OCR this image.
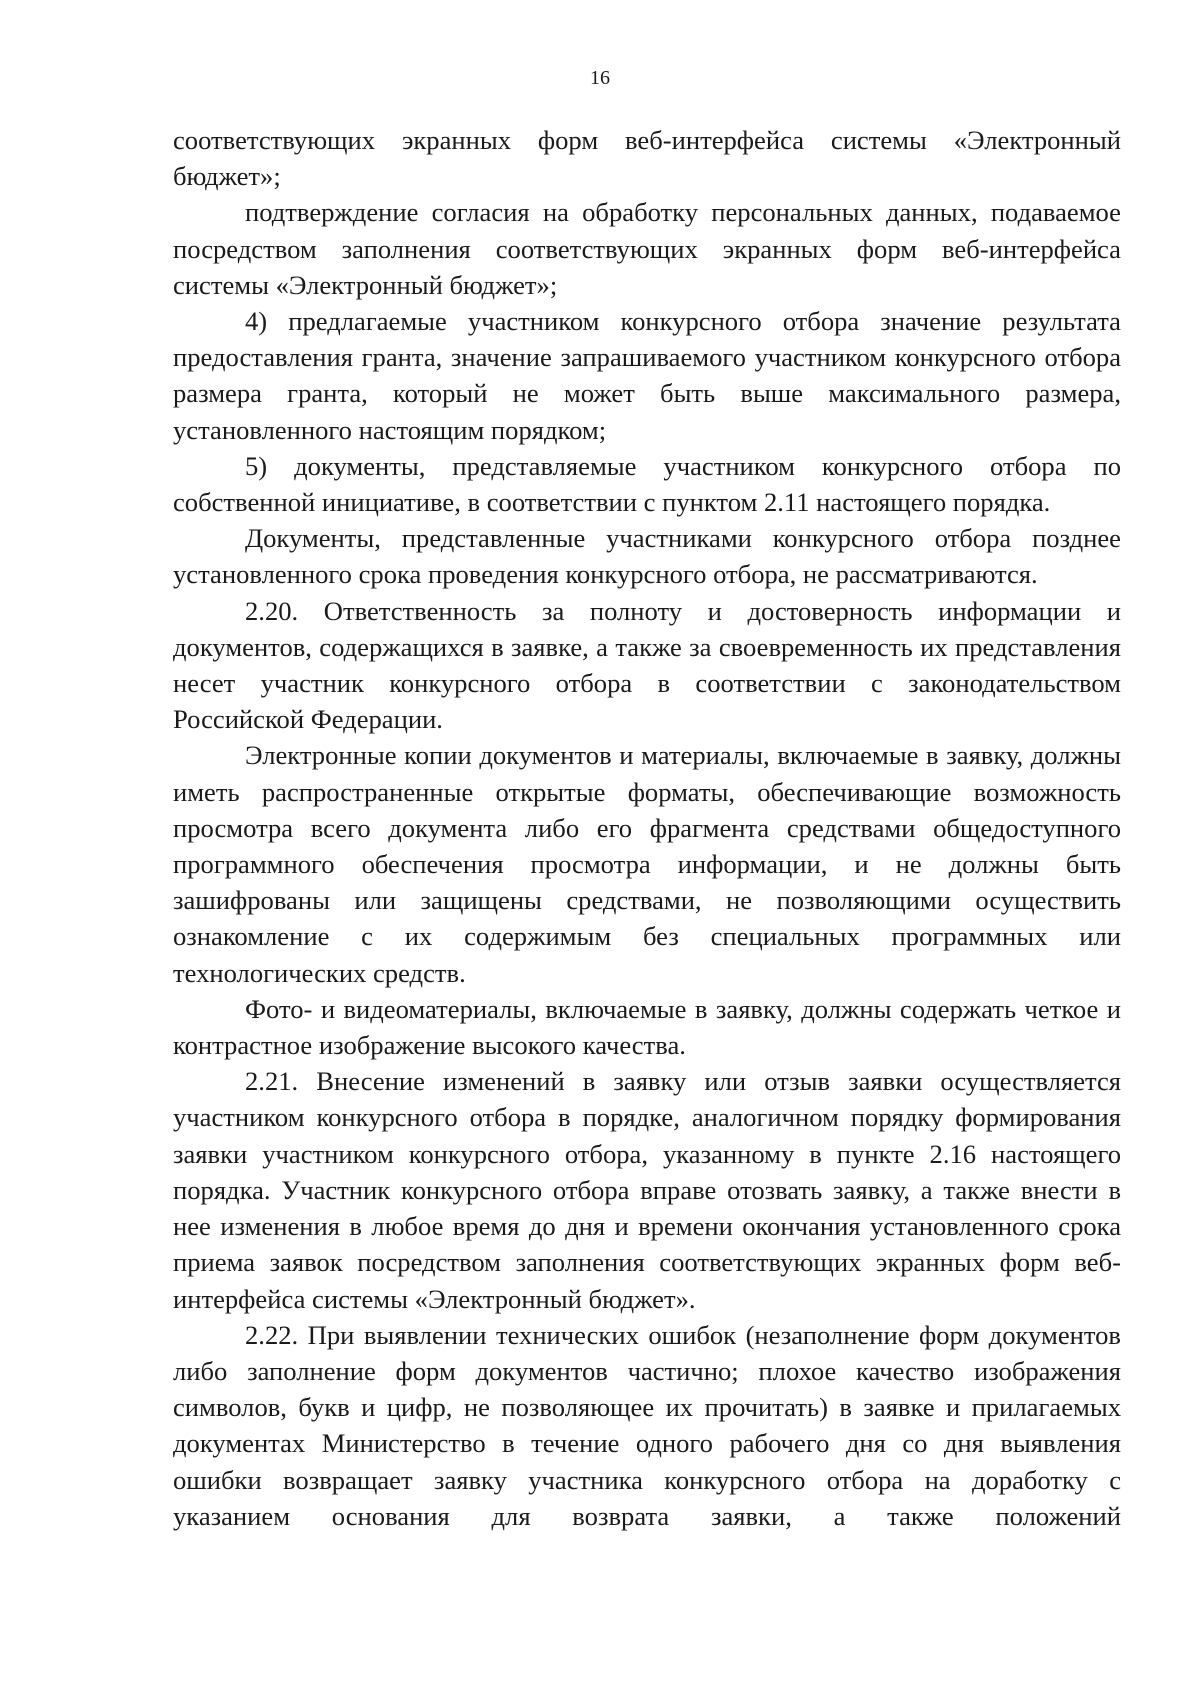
16

соответствующих экранных форм веб-интерфейса системы «Электронный бюджет»;

подтверждение согласия на обработку персональных данных, подаваемое посредством заполнения соответствующих экранных форм веб-интерфейса системы «Электронный бюджет»;

4) предлагаемые участником конкурсного отбора значение результата предоставления гранта, значение запрашиваемого участником конкурсного отбора размера гранта, который не может быть выше максимального размера, установленного настоящим порядком;

5) документы, представляемые участником конкурсного отбора по собственной инициативе, в соответствии с пунктом 2.11 настоящего порядка.

Документы, представленные участниками конкурсного отбора позднее установленного срока проведения конкурсного отбора, не рассматриваются.

2.20. Ответственность за полноту и достоверность информации и документов, содержащихся в заявке, а также за своевременность их представления несет участник конкурсного отбора в соответствии с законодательством Российской Федерации.

Электронные копии документов и материалы, включаемые в заявку, должны иметь распространенные открытые форматы, обеспечивающие возможность просмотра всего документа либо его фрагмента средствами общедоступного программного обеспечения просмотра информации, и не должны быть зашифрованы или защищены средствами, не позволяющими осуществить ознакомление с их содержимым без специальных программных или технологических средств.

Фото- и видеоматериалы, включаемые в заявку, должны содержать четкое и контрастное изображение высокого качества.

2.21. Внесение изменений в заявку или отзыв заявки осуществляется участником конкурсного отбора в порядке, аналогичном порядку формирования заявки участником конкурсного отбора, указанному в пункте 2.16 настоящего порядка. Участник конкурсного отбора вправе отозвать заявку, а также внести в нее изменения в любое время до дня и времени окончания установленного срока приема заявок посредством заполнения соответствующих экранных форм веб-интерфейса системы «Электронный бюджет».

2.22. При выявлении технических ошибок (незаполнение форм документов либо заполнение форм документов частично; плохое качество изображения символов, букв и цифр, не позволяющее их прочитать) в заявке и прилагаемых документах Министерство в течение одного рабочего дня со дня выявления ошибки возвращает заявку участника конкурсного отбора на доработку с указанием основания для возврата заявки, а также положений
